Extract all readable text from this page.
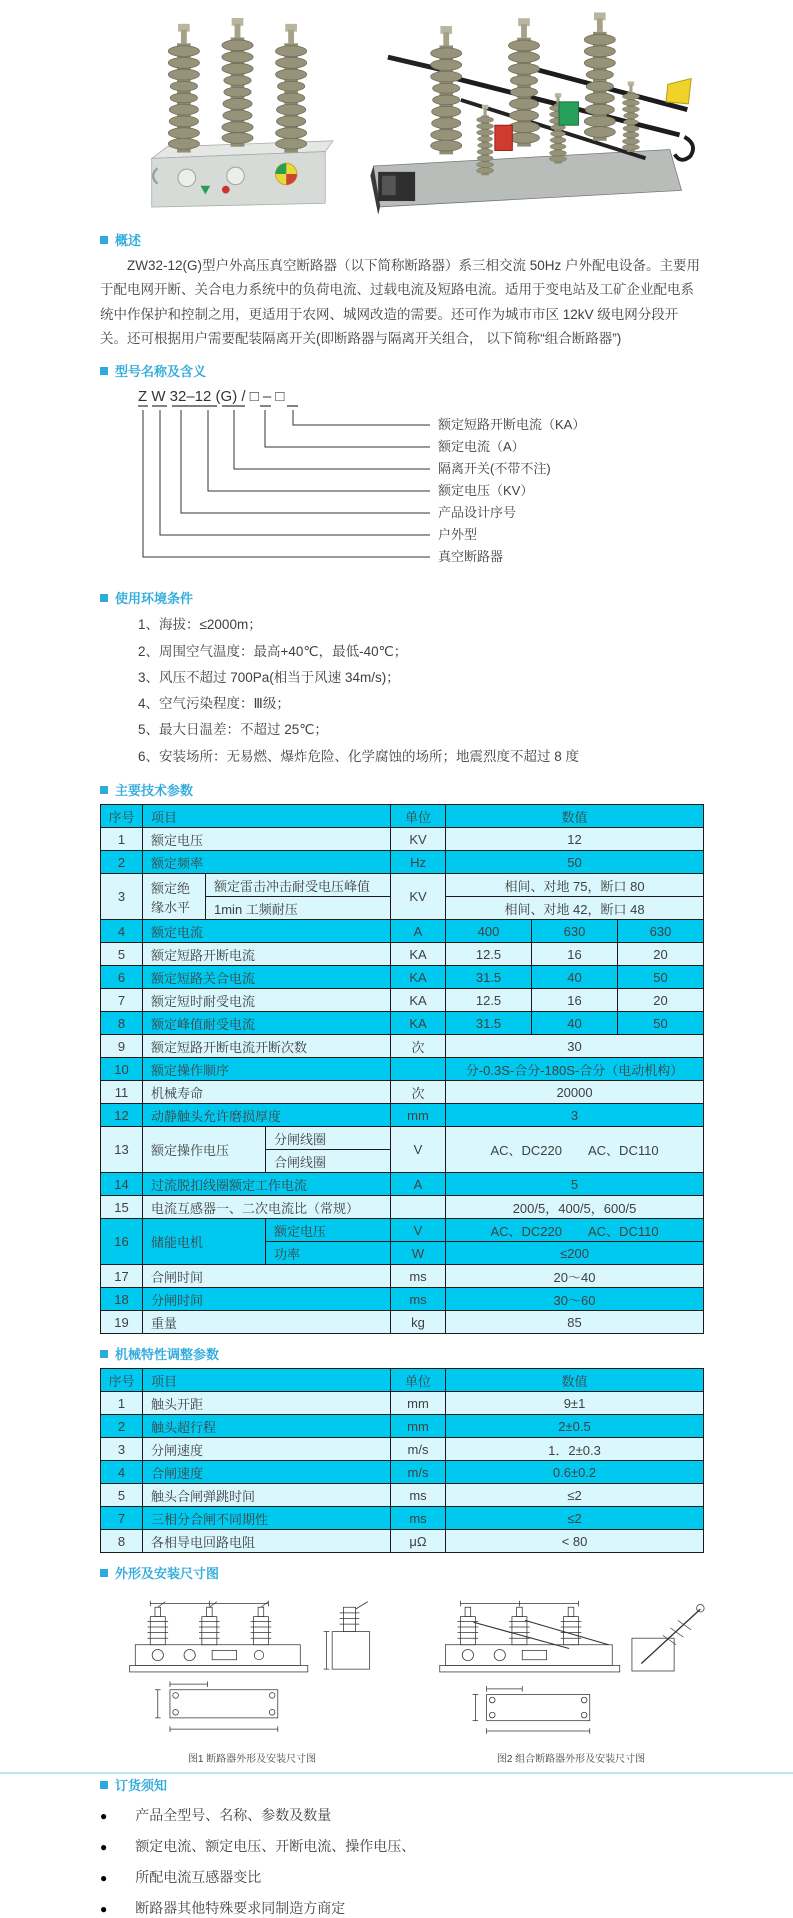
概述

ZW32-12(G)型户外高压真空断路器（以下简称断路器）系三相交流 50Hz 户外配电设备。主要用于配电网开断、关合电力系统中的负荷电流、过载电流及短路电流。适用于变电站及工矿企业配电系统中作保护和控制之用，更适用于农网、城网改造的需要。还可作为城市市区 12kV 级电网分段开关。还可根据用户需要配装隔离开关(即断路器与隔离开关组合， 以下简称“组合断路器”)

型号名称及含义
Z W 32–12 (G) / □ – □
额定短路开断电流（KA）
额定电流（A）
隔离开关(不带不注)
额定电压（KV）
产品设计序号
户外型
真空断路器
使用环境条件
1、海拔：≤2000m；
2、周围空气温度：最高+40℃，最低-40℃；
3、风压不超过 700Pa(相当于风速 34m/s)；
4、空气污染程度：Ⅲ级；
5、最大日温差：不超过 25℃；
6、安装场所：无易燃、爆炸危险、化学腐蚀的场所；地震烈度不超过 8 度
主要技术参数
序号	项目			单位	数值		
1	额定电压			KV	12		
2	额定频率			Hz	50		
3	额定绝缘水平	额定雷击冲击耐受电压峰值		KV	相间、对地 75，断口 80		
		1min 工频耐压			相间、对地 42，断口 48		
4	额定电流			A	400	630	630
5	额定短路开断电流			KA	12.5	16	20
6	额定短路关合电流			KA	31.5	40	50
7	额定短时耐受电流			KA	12.5	16	20
8	额定峰值耐受电流			KA	31.5	40	50
9	额定短路开断电流开断次数			次	30		
10	额定操作顺序				分-0.3S-合分-180S-合分（电动机构）		
11	机械寿命			次	20000		
12	动静触头允许磨损厚度			mm	3		
13	额定操作电压		分闸线圈	V	AC、DC220　　AC、DC110		
			合闸线圈				
14	过流脱扣线圈额定工作电流			A	5		
15	电流互感器一、二次电流比（常规）				200/5，400/5，600/5		
16	储能电机		额定电压	V	AC、DC220　　AC、DC110		
			功率	W	≤200		
17	合闸时间			ms	20～40		
18	分闸时间			ms	30～60		
19	重量			kg	85		
机械特性调整参数
序号	项目	单位	数值
1	触头开距	mm	9±1
2	触头超行程	mm	2±0.5
3	分闸速度	m/s	1．2±0.3
4	合闸速度	m/s	0.6±0.2
5	触头合闸弹跳时间	ms	≤2
7	三相分合闸不同期性	ms	≤2
8	各相导电回路电阻	μΩ	< 80
外形及安装尺寸图
图1 断路器外形及安装尺寸图	图2 组合断路器外形及安装尺寸图
订货须知
● 产品全型号、名称、参数及数量
● 额定电流、额定电压、开断电流、操作电压、
● 所配电流互感器变比
● 断路器其他特殊要求同制造方商定
